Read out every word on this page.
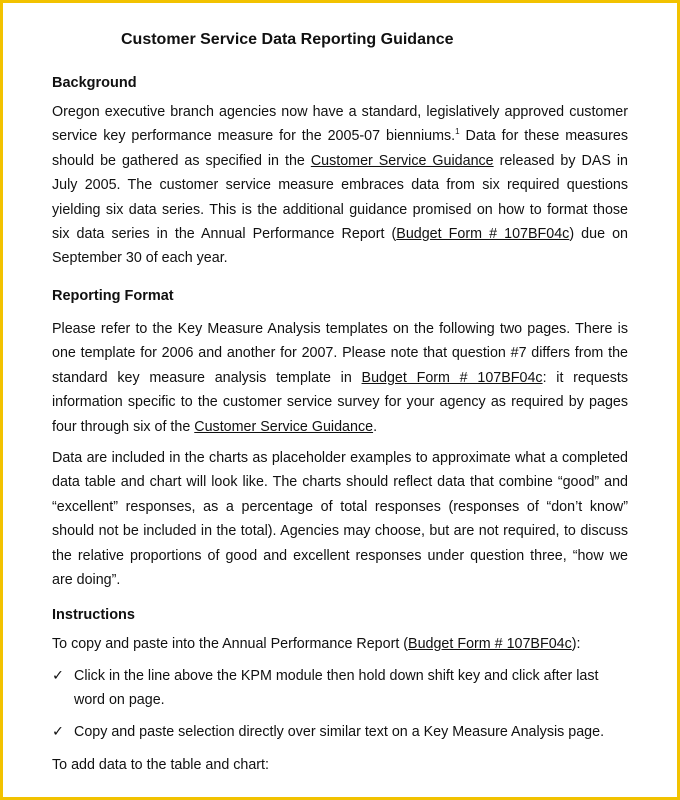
Customer Service Data Reporting Guidance
Background

Oregon executive branch agencies now have a standard, legislatively approved customer service key performance measure for the 2005-07 bienniums.$^1$ Data for these measures should be gathered as specified in the Customer Service Guidance released by DAS in July 2005. The customer service measure embraces data from six required questions yielding six data series. This is the additional guidance promised on how to format those six data series in the Annual Performance Report (Budget Form # 107BF04c) due on September 30 of each year.

Reporting Format

Please refer to the Key Measure Analysis templates on the following two pages. There is one template for 2006 and another for 2007. Please note that question #7 differs from the standard key measure analysis template in Budget Form # 107BF04c: it requests information specific to the customer service survey for your agency as required by pages four through six of the Customer Service Guidance.

Data are included in the charts as placeholder examples to approximate what a completed data table and chart will look like. The charts should reflect data that combine “good” and “excellent” responses, as a percentage of total responses (responses of “don’t know” should not be included in the total). Agencies may choose, but are not required, to discuss the relative proportions of good and excellent responses under question three, “how we are doing”.

Instructions

To copy and paste into the Annual Performance Report (Budget Form # 107BF04c):

✓ Click in the line above the KPM module then hold down shift key and click after last word on page.
✓ Copy and paste selection directly over similar text on a Key Measure Analysis page.

To add data to the table and chart:
